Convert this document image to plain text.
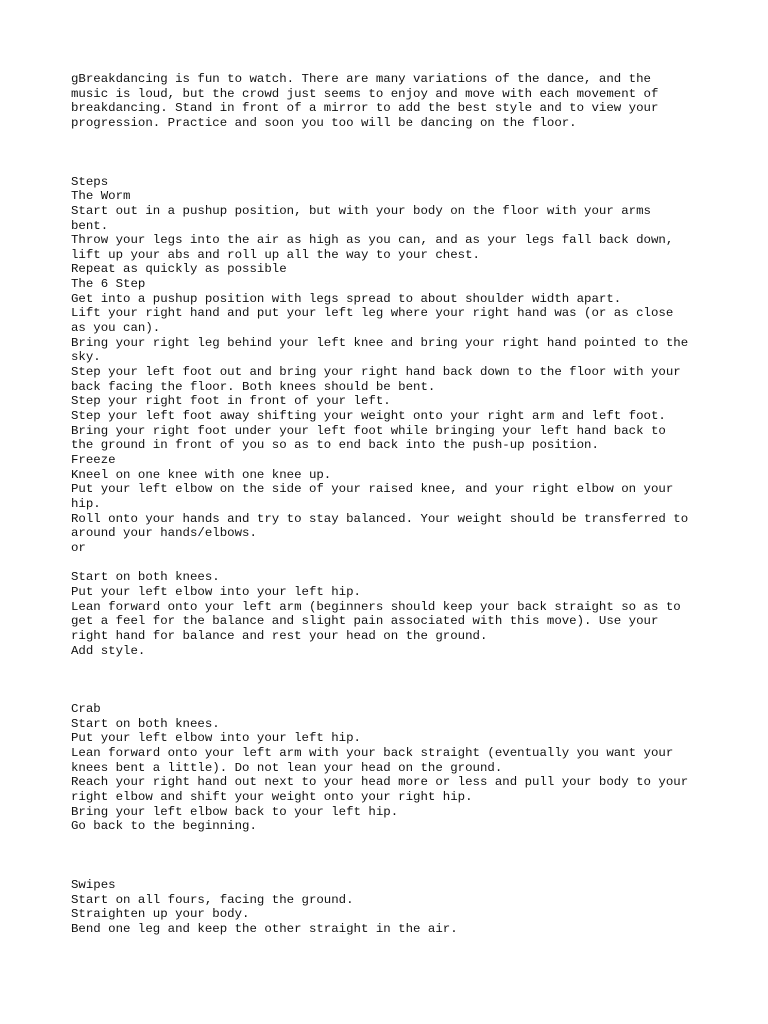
gBreakdancing is fun to watch. There are many variations of the dance, and the
music is loud, but the crowd just seems to enjoy and move with each movement of
breakdancing. Stand in front of a mirror to add the best style and to view your
progression. Practice and soon you too will be dancing on the floor.
Steps
The Worm
Start out in a pushup position, but with your body on the floor with your arms
bent.
Throw your legs into the air as high as you can, and as your legs fall back down,
lift up your abs and roll up all the way to your chest.
Repeat as quickly as possible
The 6 Step
Get into a pushup position with legs spread to about shoulder width apart.
Lift your right hand and put your left leg where your right hand was (or as close
as you can).
Bring your right leg behind your left knee and bring your right hand pointed to the
sky.
Step your left foot out and bring your right hand back down to the floor with your
back facing the floor. Both knees should be bent.
Step your right foot in front of your left.
Step your left foot away shifting your weight onto your right arm and left foot.
Bring your right foot under your left foot while bringing your left hand back to
the ground in front of you so as to end back into the push-up position.
Freeze
Kneel on one knee with one knee up.
Put your left elbow on the side of your raised knee, and your right elbow on your
hip.
Roll onto your hands and try to stay balanced. Your weight should be transferred to
around your hands/elbows.
or
Start on both knees.
Put your left elbow into your left hip.
Lean forward onto your left arm (beginners should keep your back straight so as to
get a feel for the balance and slight pain associated with this move). Use your
right hand for balance and rest your head on the ground.
Add style.
Crab
Start on both knees.
Put your left elbow into your left hip.
Lean forward onto your left arm with your back straight (eventually you want your
knees bent a little). Do not lean your head on the ground.
Reach your right hand out next to your head more or less and pull your body to your
right elbow and shift your weight onto your right hip.
Bring your left elbow back to your left hip.
Go back to the beginning.
Swipes
Start on all fours, facing the ground.
Straighten up your body.
Bend one leg and keep the other straight in the air.
